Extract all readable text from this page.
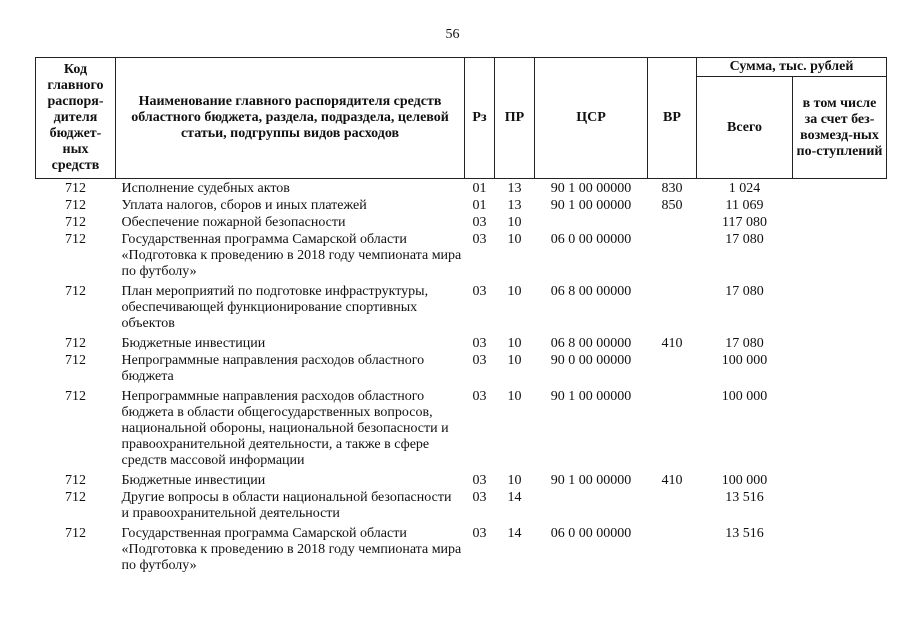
56
Код главного распоря-дителя бюджет-ных средств	Наименование главного распорядителя средств областного бюджета, раздела, подраздела, целевой статьи, подгруппы видов расходов	Рз	ПР	ЦСР	ВР	Сумма, тыс. рублей	
						Всего	в том числе за счет без-возмезд-ных по-ступлений
712	Исполнение судебных актов	01	13	90 1 00 00000	830	1 024	
712	Уплата налогов, сборов и иных платежей	01	13	90 1 00 00000	850	11 069	
712	Обеспечение пожарной безопасности	03	10			117 080	
712	Государственная программа Самарской области «Подготовка к проведению в 2018 году чемпионата мира по футболу»	03	10	06 0 00 00000		17 080	
712	План мероприятий по подготовке инфраструктуры, обеспечивающей функционирование спортивных объектов	03	10	06 8 00 00000		17 080	
712	Бюджетные инвестиции	03	10	06 8 00 00000	410	17 080	
712	Непрограммные направления расходов областного бюджета	03	10	90 0 00 00000		100 000	
712	Непрограммные направления расходов областного бюджета в области общегосударственных вопросов, национальной обороны, национальной безопасности и правоохранительной деятельности, а также в сфере средств массовой информации	03	10	90 1 00 00000		100 000	
712	Бюджетные инвестиции	03	10	90 1 00 00000	410	100 000	
712	Другие вопросы в области национальной безопасности и правоохранительной деятельности	03	14			13 516	
712	Государственная программа Самарской области «Подготовка к проведению в 2018 году чемпионата мира по футболу»	03	14	06 0 00 00000		13 516	
